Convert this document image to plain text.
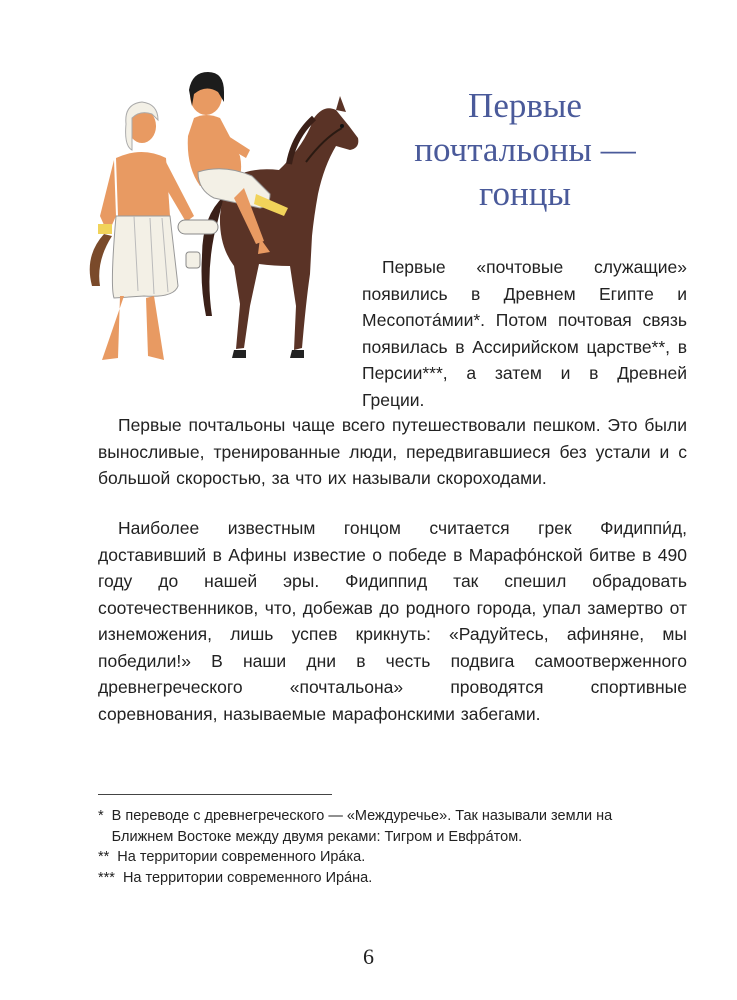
Первые
почтальоны —
гонцы

Первые «почтовые служащие» появились в Древнем Египте и Месопотáмии*. Потом почтовая связь появилась в Ассирийском царстве**, в Персии***, а затем и в Древней Греции.

Первые почтальоны чаще всего путешествовали пешком. Это были выносливые, тренированные люди, передвигавшиеся без устали и с большой скоростью, за что их называли скороходами.

Наиболее известным гонцом считается грек Фидиппи́д, доставивший в Афины известие о победе в Марафóнской битве в 490 году до нашей эры. Фидиппид так спешил обрадовать соотечественников, что, добежав до родного города, упал замертво от изнеможения, лишь успев крикнуть: «Радуйтесь, афиняне, мы победили!» В наши дни в честь подвига самоотверженного древнегреческого «почтальона» проводятся спортивные соревнования, называемые марафонскими забегами.

* В переводе с древнегреческого — «Междуречье». Так называли земли на Ближнем Востоке между двумя реками: Тигром и Евфрáтом.
** На территории современного Ирáка.
*** На территории современного Ирáна.
6
